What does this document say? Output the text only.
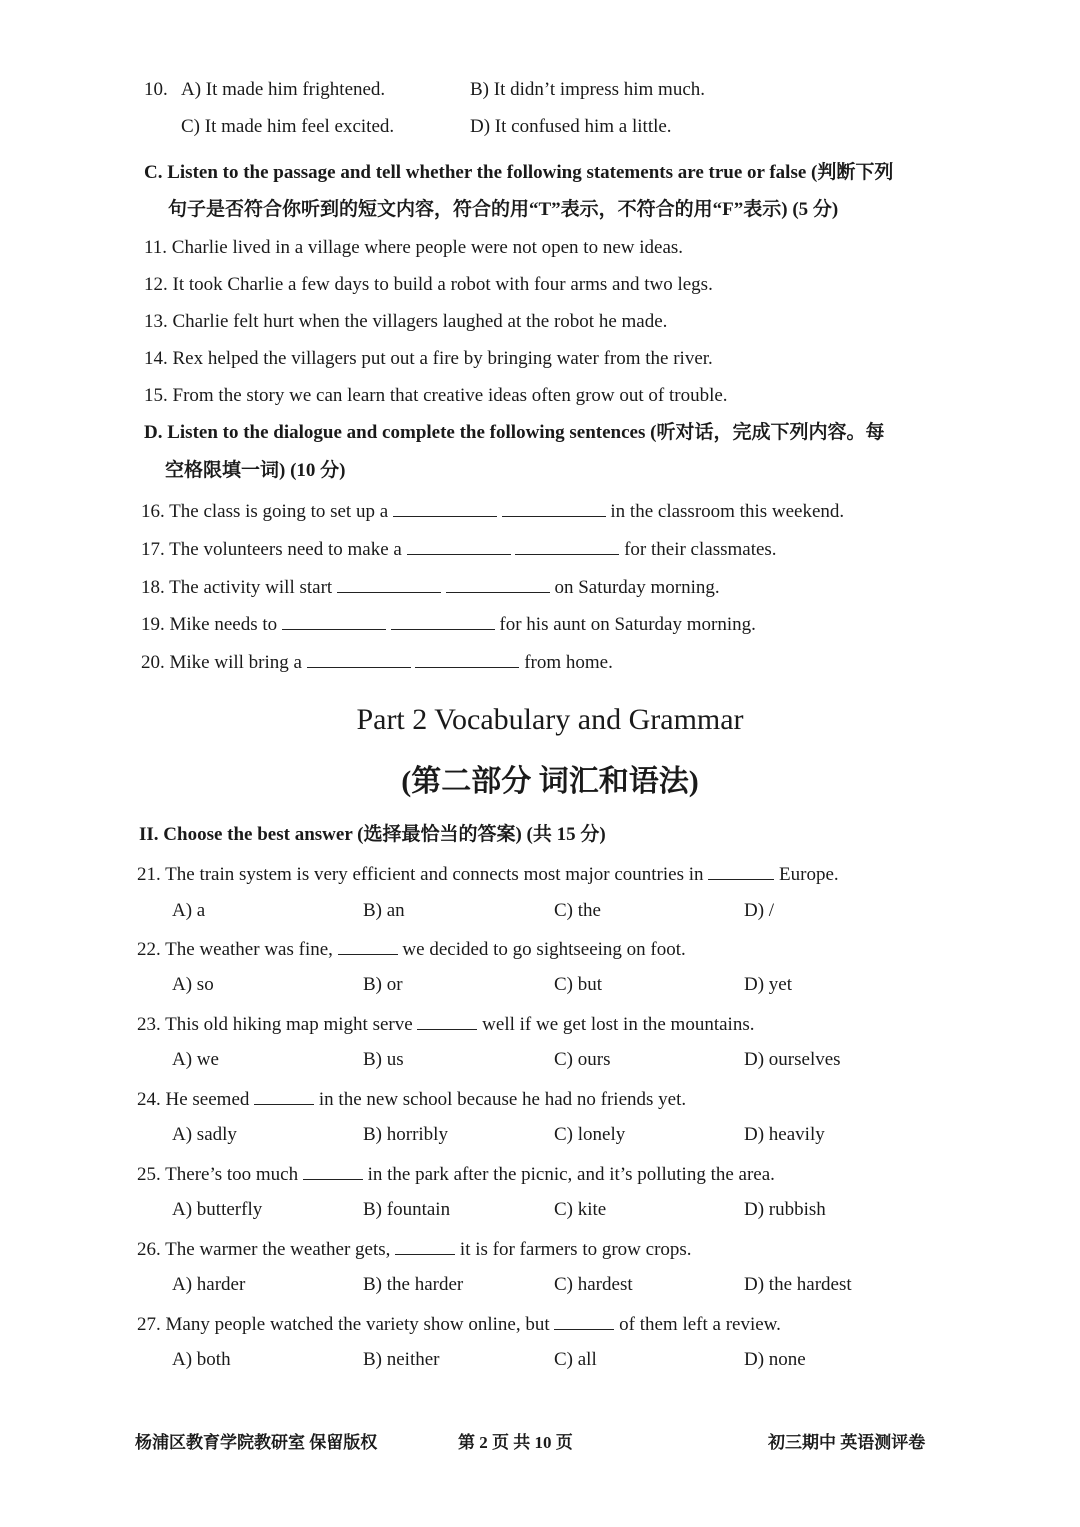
10. A) It made him frightened.	B) It didn’t impress him much.
C) It made him feel excited.	D) It confused him a little.
C. Listen to the passage and tell whether the following statements are true or false (判断下列
句子是否符合你听到的短文内容，符合的用“T”表示，不符合的用“F”表示) (5 分)
11. Charlie lived in a village where people were not open to new ideas.
12. It took Charlie a few days to build a robot with four arms and two legs.
13. Charlie felt hurt when the villagers laughed at the robot he made.
14. Rex helped the villagers put out a fire by bringing water from the river.
15. From the story we can learn that creative ideas often grow out of trouble.
D. Listen to the dialogue and complete the following sentences (听对话，完成下列内容。每
空格限填一词) (10 分)
16. The class is going to set up a	in the classroom this weekend.
17. The volunteers need to make a	for their classmates.
18. The activity will start	on Saturday morning.
19. Mike needs to	for his aunt on Saturday morning.
20. Mike will bring a	from home.
Part 2 Vocabulary and Grammar
(第二部分 词汇和语法)
II. Choose the best answer (选择最恰当的答案) (共 15 分)
21. The train system is very efficient and connects most major countries in	Europe.
A) a	B) an	C) the	D) /
22. The weather was fine,	we decided to go sightseeing on foot.
A) so	B) or	C) but	D) yet
23. This old hiking map might serve	well if we get lost in the mountains.
A) we	B) us	C) ours	D) ourselves
24. He seemed	in the new school because he had no friends yet.
A) sadly	B) horribly	C) lonely	D) heavily
25. There’s too much	in the park after the picnic, and it’s polluting the area.
A) butterfly	B) fountain	C) kite	D) rubbish
26. The warmer the weather gets,	it is for farmers to grow crops.
A) harder	B) the harder	C) hardest	D) the hardest
27. Many people watched the variety show online, but	of them left a review.
A) both	B) neither	C) all	D) none
杨浦区教育学院教研室 保留版权	第 2 页 共 10 页	初三期中 英语测评卷
